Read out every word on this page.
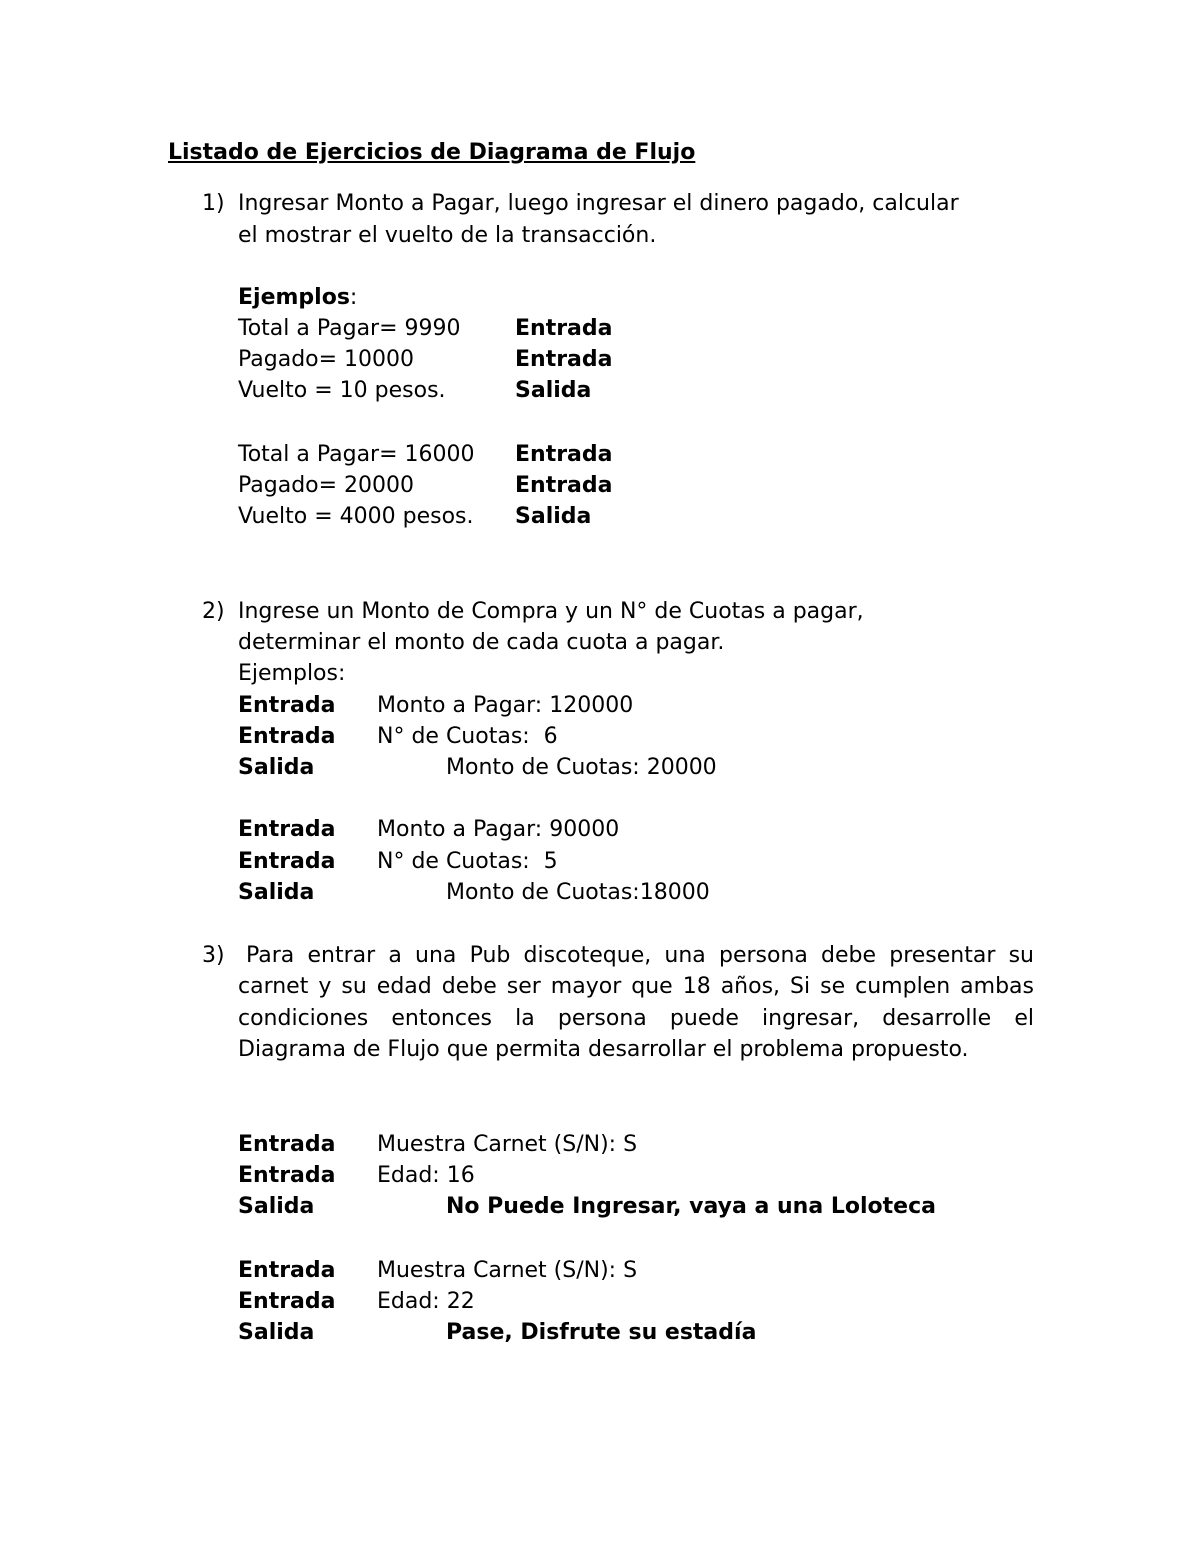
Listado de Ejercicios de Diagrama de Flujo
1) Ingresar Monto a Pagar, luego ingresar el dinero pagado, calcular
el mostrar el vuelto de la transacción.
Ejemplos:
Total a Pagar= 9990 Entrada
Pagado= 10000	Entrada
Vuelto = 10 pesos.	Salida
Total a Pagar= 16000 Entrada
Pagado= 20000	Entrada
Vuelto = 4000 pesos. Salida
2) Ingrese un Monto de Compra y un N° de Cuotas a pagar,
determinar el monto de cada cuota a pagar.
Ejemplos:
Entrada Monto a Pagar: 120000
Entrada N° de Cuotas:  6
Salida	Monto de Cuotas: 20000
Entrada Monto a Pagar: 90000
Entrada N° de Cuotas:  5
Salida	Monto de Cuotas:18000
3) Para entrar a una Pub discoteque, una persona debe presentar su carnet y su edad debe ser mayor que 18 años, Si se cumplen ambas condiciones entonces la persona puede ingresar, desarrolle el Diagrama de Flujo que permita desarrollar el problema propuesto.
Entrada Muestra Carnet (S/N): S
Entrada Edad: 16
Salida	No Puede Ingresar, vaya a una Loloteca
Entrada Muestra Carnet (S/N): S
Entrada Edad: 22
Salida	Pase, Disfrute su estadía
